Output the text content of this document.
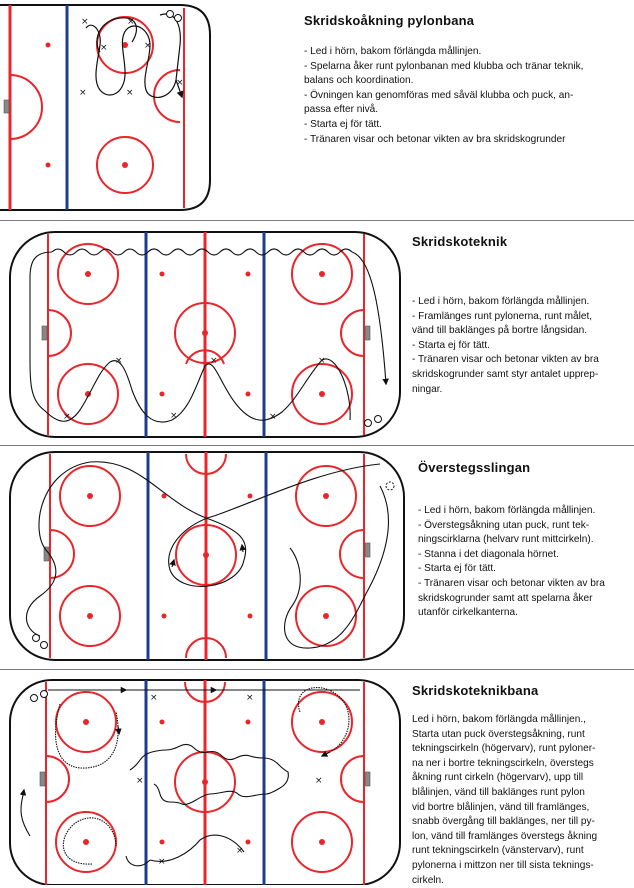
×
×
×
×
×	×
×
×
×	×
×
×
×
×	×
×	×
×
×
Skridskoåkning pylonbana
- Led i hörn, bakom förlängda mållinjen.
- Spelarna åker runt pylonbanan med klubba och tränar teknik,
balans och koordination.
- Övningen kan genomföras med såväl klubba och puck, an-
passa efter nivå.
- Starta ej för tätt.
- Tränaren visar och betonar vikten av bra skridskogrunder
Skridskoteknik
- Led i hörn, bakom förlängda mållinjen.
- Framlänges runt pylonerna, runt målet,
vänd till baklänges på bortre långsidan.
- Starta ej för tätt.
- Tränaren visar och betonar vikten av bra
skridskogrunder samt styr antalet upprep-
ningar.
Överstegsslingan
- Led i hörn, bakom förlängda mållinjen.
- Överstegsåkning utan puck, runt tek-
ningscirklarna (helvarv runt mittcirkeln).
- Stanna i det diagonala hörnet.
- Starta ej för tätt.
- Tränaren visar och betonar vikten av bra
skridskogrunder samt att spelarna åker
utanför cirkelkanterna.
Skridskoteknikbana
Led i hörn, bakom förlängda mållinjen.,
Starta utan puck överstegsåkning, runt
tekningscirkeln (högervarv), runt pyloner-
na ner i bortre tekningscirkeln, överstegs
åkning runt cirkeln (högervarv), upp till
blålinjen, vänd till baklänges runt pylon
vid bortre blålinjen, vänd till framlänges,
snabb övergång till baklänges, ner till py-
lon, vänd till framlänges överstegs åkning
runt tekningscirkeln (vänstervarv), runt
pylonerna i mittzon ner till sista teknings-
cirkeln.
